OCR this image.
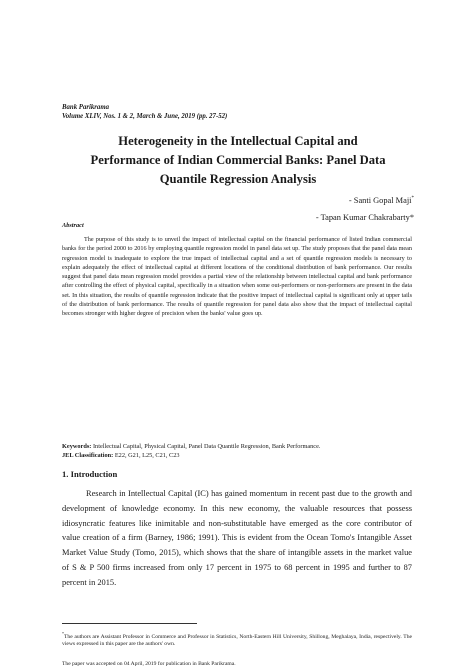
Bank Parikrama
Volume XLIV, Nos. 1 & 2, March & June, 2019 (pp. 27-52)
Heterogeneity in the Intellectual Capital and
Performance of Indian Commercial Banks: Panel Data
Quantile Regression Analysis
- Santi Gopal Maji*
- Tapan Kumar Chakrabarty*
Abstract

The purpose of this study is to unveil the impact of intellectual capital on the financial performance of listed Indian commercial banks for the period 2000 to 2016 by employing quantile regression model in panel data set up. The study proposes that the panel data mean regression model is inadequate to explore the true impact of intellectual capital and a set of quantile regression models is necessary to explain adequately the effect of intellectual capital at different locations of the conditional distribution of bank performance. Our results suggest that panel data mean regression model provides a partial view of the relationship between intellectual capital and bank performance after controlling the effect of physical capital, specifically in a situation when some out-performers or non-performers are present in the data set. In this situation, the results of quantile regression indicate that the positive impact of intellectual capital is significant only at upper tails of the distribution of bank performance. The results of quantile regression for panel data also show that the impact of intellectual capital becomes stronger with higher degree of precision when the banks' value goes up.

Keywords: Intellectual Capital, Physical Capital, Panel Data Quantile Regression, Bank Performance.
JEL Classification: E22, G21, L25, C21, C23
1. Introduction

Research in Intellectual Capital (IC) has gained momentum in recent past due to the growth and development of knowledge economy. In this new economy, the valuable resources that possess idiosyncratic features like inimitable and non-substitutable have emerged as the core contributor of value creation of a firm (Barney, 1986; 1991). This is evident from the Ocean Tomo's Intangible Asset Market Value Study (Tomo, 2015), which shows that the share of intangible assets in the market value of S & P 500 firms increased from only 17 percent in 1975 to 68 percent in 1995 and further to 87 percent in 2015.

*The authors are Assistant Professor in Commerce and Professor in Statistics, North-Eastern Hill University, Shillong, Meghalaya, India, respectively. The views expressed in this paper are the authors' own.

The paper was accepted on 04 April, 2019 for publication in Bank Parikrama.
